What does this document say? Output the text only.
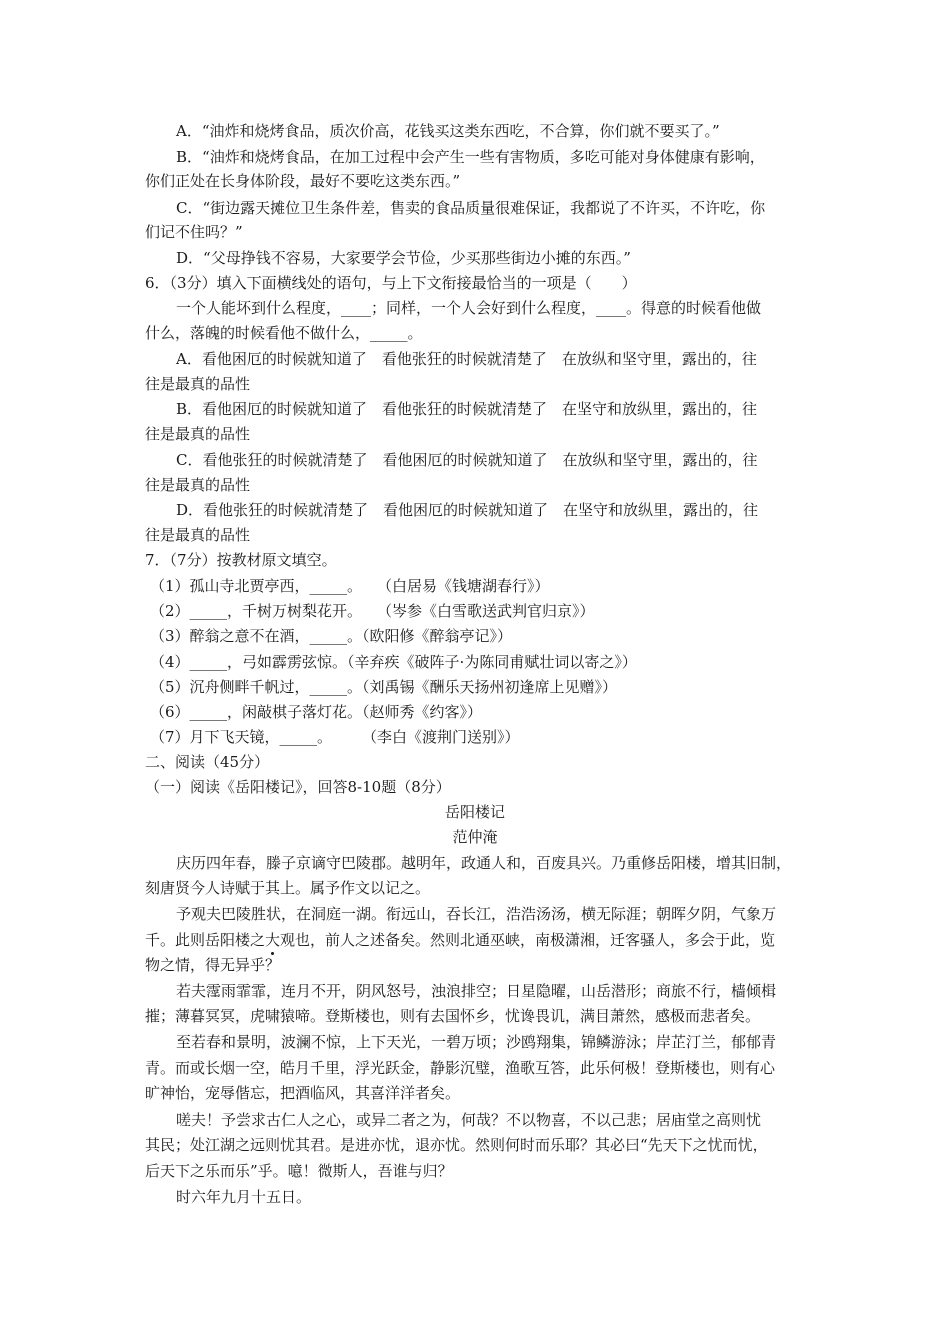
A．“油炸和烧烤食品，质次价高，花钱买这类东西吃，不合算，你们就不要买了。”

B．“油炸和烧烤食品，在加工过程中会产生一些有害物质，多吃可能对身体健康有影响，

你们正处在长身体阶段，最好不要吃这类东西。”

C．“街边露天摊位卫生条件差，售卖的食品质量很难保证，我都说了不许买，不许吃，你

们记不住吗？”

D．“父母挣钱不容易，大家要学会节俭，少买那些街边小摊的东西。”

6．（3分）填入下面横线处的语句，与上下文衔接最恰当的一项是（　　）

一个人能坏到什么程度，____；同样，一个人会好到什么程度，____。得意的时候看他做

什么，落魄的时候看他不做什么，_____。

A．看他困厄的时候就知道了　看他张狂的时候就清楚了　在放纵和坚守里，露出的，往

往是最真的品性

B．看他困厄的时候就知道了　看他张狂的时候就清楚了　在坚守和放纵里，露出的，往

往是最真的品性

C．看他张狂的时候就清楚了　看他困厄的时候就知道了　在放纵和坚守里，露出的，往

往是最真的品性

D．看他张狂的时候就清楚了　看他困厄的时候就知道了　在坚守和放纵里，露出的，往

往是最真的品性

7．（7分）按教材原文填空。

（1）孤山寺北贾亭西，_____。　　（白居易《钱塘湖春行》）

（2）_____，千树万树梨花开。　　（岑参《白雪歌送武判官归京》）

（3）醉翁之意不在酒，_____。（欧阳修《醉翁亭记》）

（4）_____，弓如霹雳弦惊。（辛弃疾《破阵子·为陈同甫赋壮词以寄之》）

（5）沉舟侧畔千帆过，_____。（刘禹锡《酬乐天扬州初逢席上见赠》）

（6）_____，闲敲棋子落灯花。（赵师秀《约客》）

（7）月下飞天镜，_____。　　　（李白《渡荆门送别》）

二、阅读（45分）

（一）阅读《岳阳楼记》，回答8-10题（8分）

岳阳楼记

范仲淹

庆历四年春，滕子京谪守巴陵郡。越明年，政通人和，百废具兴。乃重修岳阳楼，增其旧制，

刻唐贤今人诗赋于其上。属予作文以记之。

予观夫巴陵胜状，在洞庭一湖。衔远山，吞长江，浩浩汤汤，横无际涯；朝晖夕阴，气象万

千。此则岳阳楼之大观也，前人之述备矣。然则北通巫峡，南极潇湘，迁客骚人，多会于此，览

物之情，得无异乎？

若夫霪雨霏霏，连月不开，阴风怒号，浊浪排空；日星隐曜，山岳潜形；商旅不行，樯倾楫

摧；薄暮冥冥，虎啸猿啼。登斯楼也，则有去国怀乡，忧谗畏讥，满目萧然，感极而悲者矣。

至若春和景明，波澜不惊，上下天光，一碧万顷；沙鸥翔集，锦鳞游泳；岸芷汀兰，郁郁青

青。而或长烟一空，皓月千里，浮光跃金，静影沉璧，渔歌互答，此乐何极！登斯楼也，则有心

旷神怡，宠辱偕忘，把酒临风，其喜洋洋者矣。

嗟夫！予尝求古仁人之心，或异二者之为，何哉？不以物喜，不以己悲；居庙堂之高则忧

其民；处江湖之远则忧其君。是进亦忧，退亦忧。然则何时而乐耶？其必曰“先天下之忧而忧，

后天下之乐而乐”乎。噫！微斯人，吾谁与归？

时六年九月十五日。
